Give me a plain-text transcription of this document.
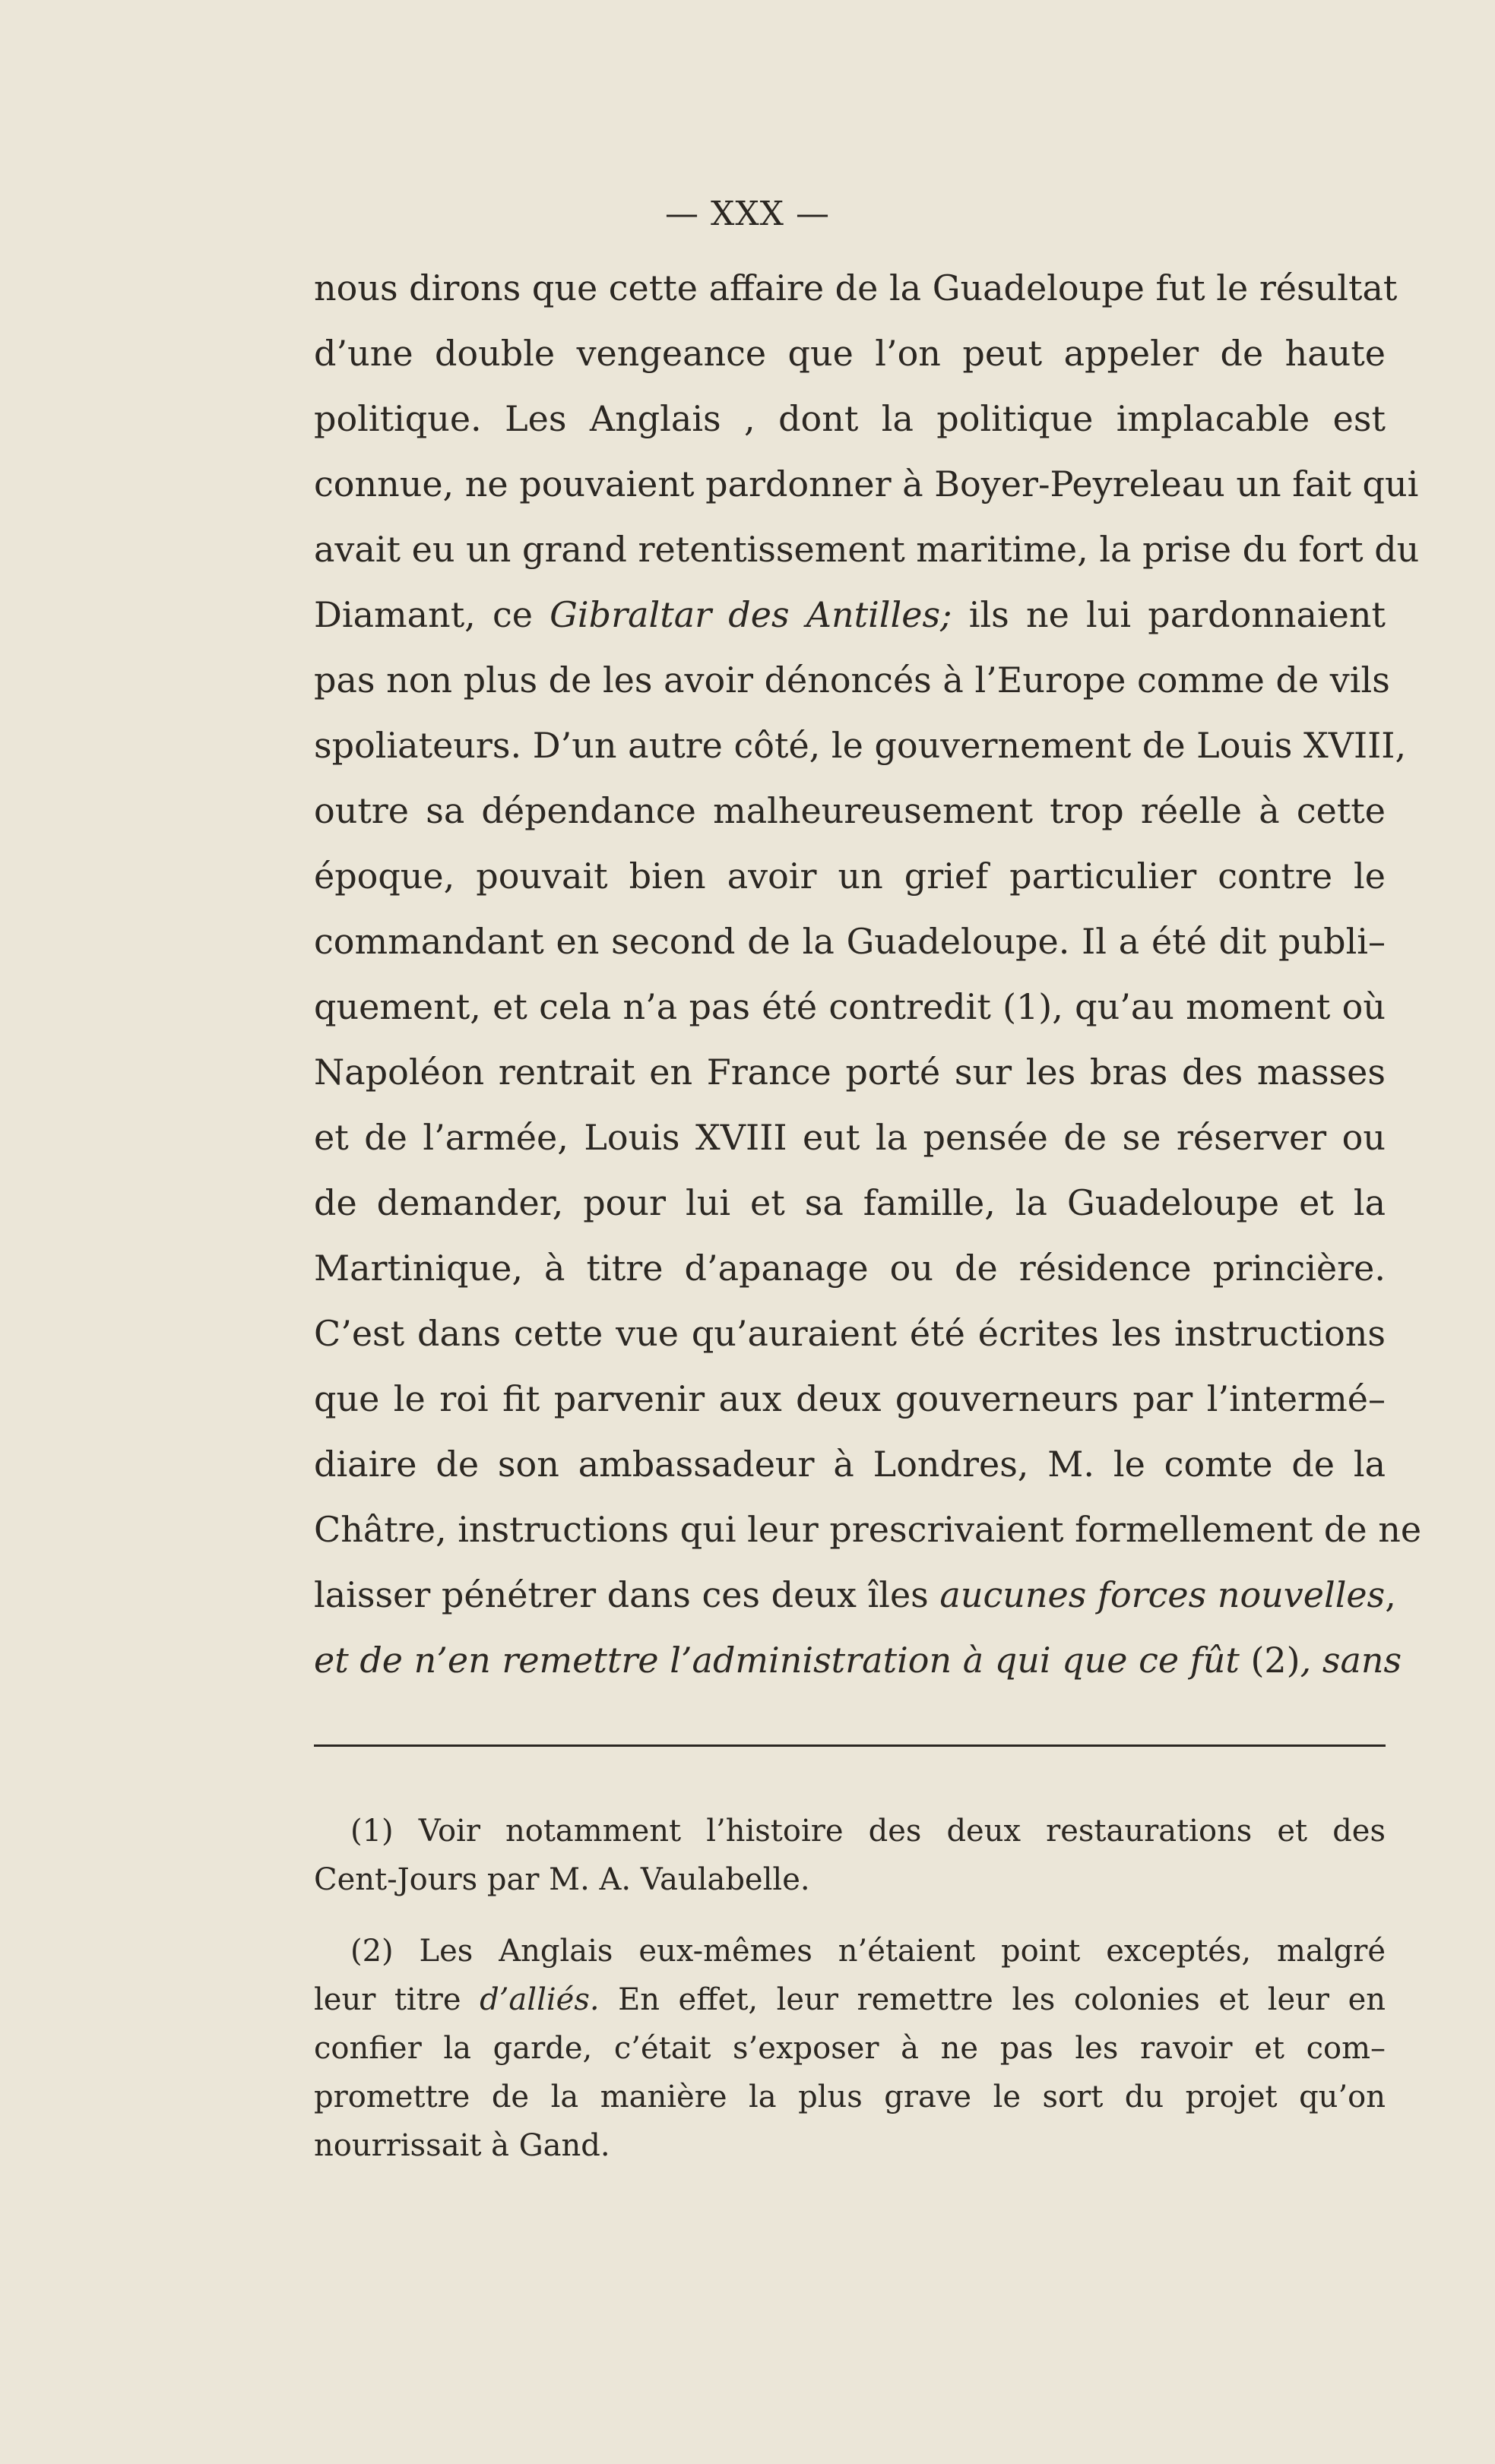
— XXX —
nous dirons que cette affaire de la Guadeloupe fut le résultat
d’une double vengeance que l’on peut appeler de haute
politique. Les Anglais , dont la politique implacable est
connue, ne pouvaient pardonner à Boyer-Peyreleau un fait qui
avait eu un grand retentissement maritime, la prise du fort du
Diamant, ce Gibraltar des Antilles; ils ne lui pardonnaient
pas non plus de les avoir dénoncés à l’Europe comme de vils
spoliateurs. D’un autre côté, le gouvernement de Louis XVIII,
outre sa dépendance malheureusement trop réelle à cette
époque, pouvait bien avoir un grief particulier contre le
commandant en second de la Guadeloupe. Il a été dit publi–
quement, et cela n’a pas été contredit (1), qu’au moment où
Napoléon rentrait en France porté sur les bras des masses
et de l’armée, Louis XVIII eut la pensée de se réserver ou
de demander, pour lui et sa famille, la Guadeloupe et la
Martinique, à titre d’apanage ou de résidence princière.
C’est dans cette vue qu’auraient été écrites les instructions
que le roi fit parvenir aux deux gouverneurs par l’intermé–
diaire de son ambassadeur à Londres, M. le comte de la
Châtre, instructions qui leur prescrivaient formellement de ne
laisser pénétrer dans ces deux îles aucunes forces nouvelles,
et de n’en remettre l’administration à qui que ce fût (2), sans
(1) Voir notamment l’histoire des deux restaurations et des
Cent-Jours par M. A. Vaulabelle.
(2) Les Anglais eux-mêmes n’étaient point exceptés, malgré
leur titre d’alliés. En effet, leur remettre les colonies et leur en
confier la garde, c’était s’exposer à ne pas les ravoir et com–
promettre de la manière la plus grave le sort du projet qu’on
nourrissait à Gand.
